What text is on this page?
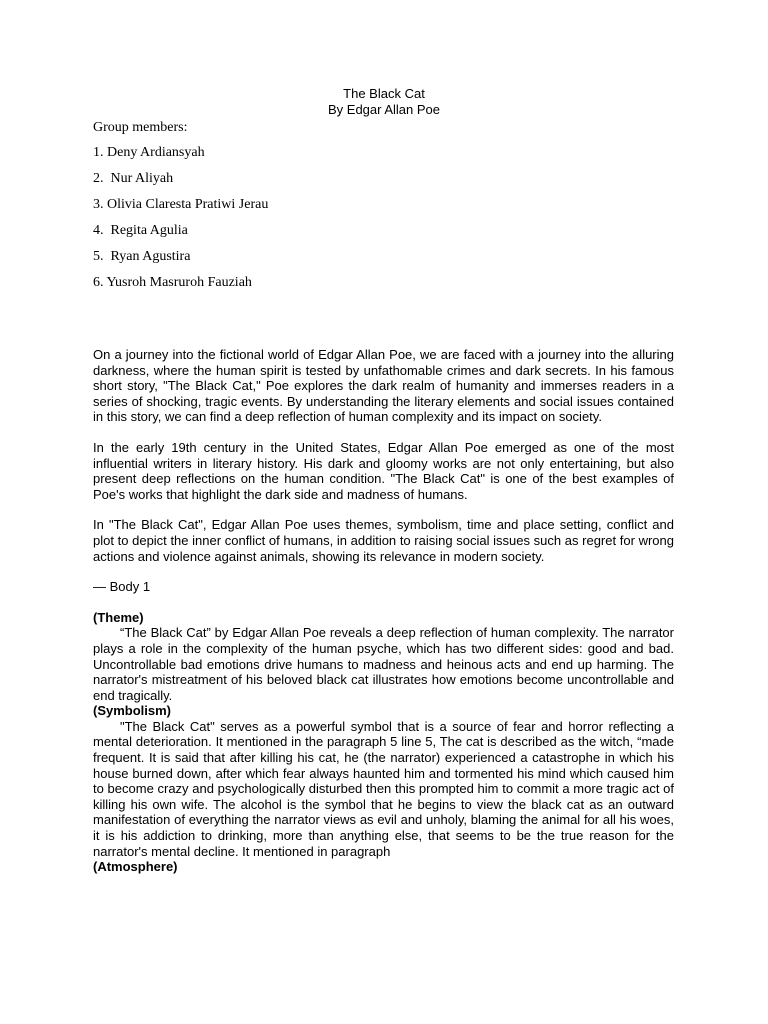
The Black Cat
By Edgar Allan Poe
Group members:
1. Deny Ardiansyah
2.  Nur Aliyah
3. Olivia Claresta Pratiwi Jerau
4.  Regita Agulia
5.  Ryan Agustira
6. Yusroh Masruroh Fauziah

On a journey into the fictional world of Edgar Allan Poe, we are faced with a journey into the alluring darkness, where the human spirit is tested by unfathomable crimes and dark secrets. In his famous short story, "The Black Cat," Poe explores the dark realm of humanity and immerses readers in a series of shocking, tragic events. By understanding the literary elements and social issues contained in this story, we can find a deep reflection of human complexity and its impact on society.

In the early 19th century in the United States, Edgar Allan Poe emerged as one of the most influential writers in literary history. His dark and gloomy works are not only entertaining, but also present deep reflections on the human condition. "The Black Cat" is one of the best examples of Poe's works that highlight the dark side and madness of humans.

In "The Black Cat", Edgar Allan Poe uses themes, symbolism, time and place setting, conflict and plot to depict the inner conflict of humans, in addition to raising social issues such as regret for wrong actions and violence against animals, showing its relevance in modern society.

— Body 1

(Theme)

“The Black Cat” by Edgar Allan Poe reveals a deep reflection of human complexity. The narrator plays a role in the complexity of the human psyche, which has two different sides: good and bad. Uncontrollable bad emotions drive humans to madness and heinous acts and end up harming. The narrator's mistreatment of his beloved black cat illustrates how emotions become uncontrollable and end tragically.

(Symbolism)

"The Black Cat" serves as a powerful symbol that is a source of fear and horror reflecting a mental deterioration. It mentioned in the paragraph 5 line 5, The cat is described as the witch, “made frequent. It is said that after killing his cat, he (the narrator) experienced a catastrophe in which his house burned down, after which fear always haunted him and tormented his mind which caused him to become crazy and psychologically disturbed then this prompted him to commit a more tragic act of killing his own wife. The alcohol is the symbol that he begins to view the black cat as an outward manifestation of everything the narrator views as evil and unholy, blaming the animal for all his woes, it is his addiction to drinking, more than anything else, that seems to be the true reason for the narrator's mental decline. It mentioned in paragraph

(Atmosphere)
